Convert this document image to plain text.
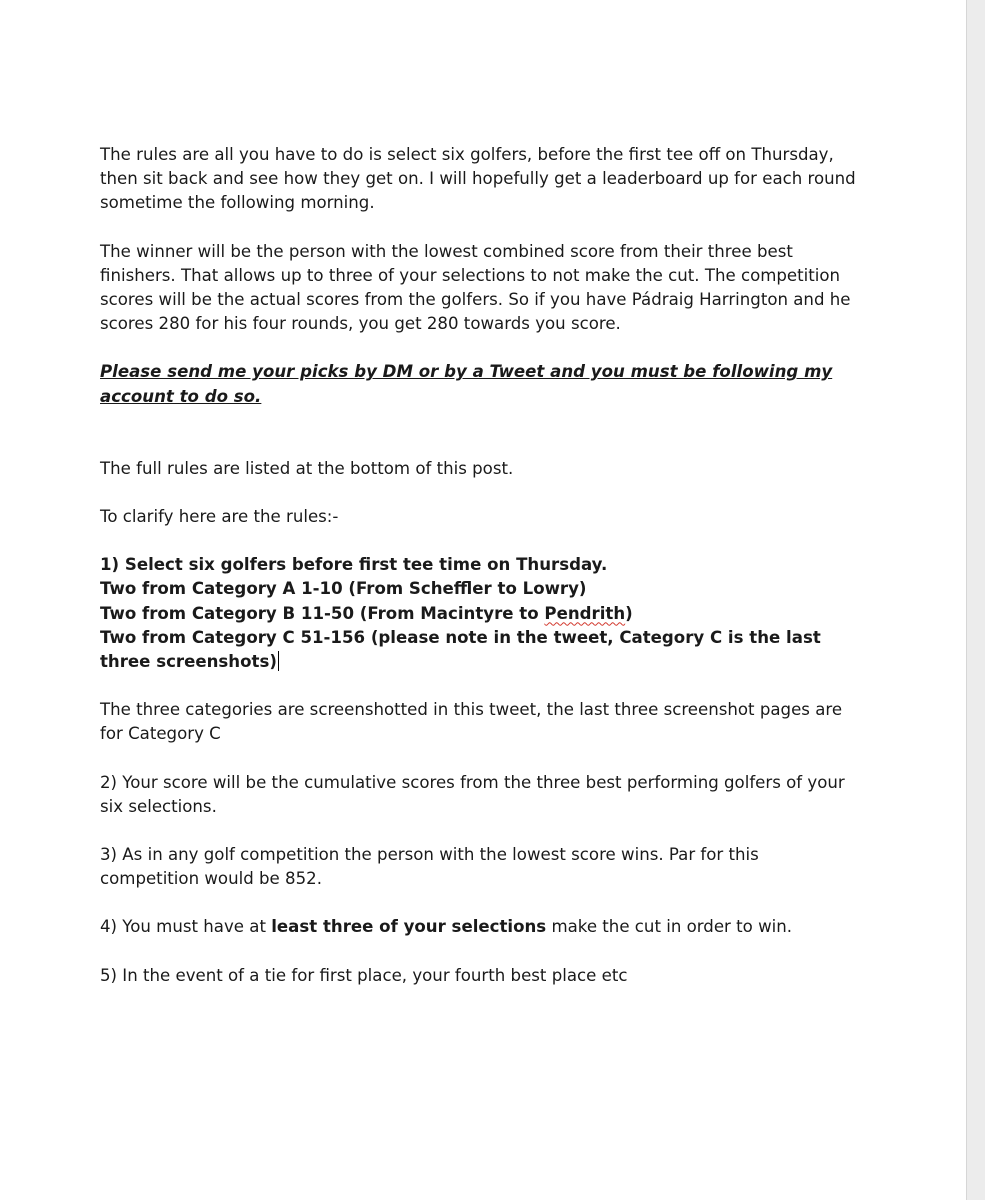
The rules are all you have to do is select six golfers, before the first tee off on Thursday, then sit back and see how they get on. I will hopefully get a leaderboard up for each round sometime the following morning.

The winner will be the person with the lowest combined score from their three best finishers. That allows up to three of your selections to not make the cut. The competition scores will be the actual scores from the golfers. So if you have Pádraig Harrington and he scores 280 for his four rounds, you get 280 towards you score.

Please send me your picks by DM or by a Tweet and you must be following my account to do so.

The full rules are listed at the bottom of this post.

To clarify here are the rules:-

1) Select six golfers before first tee time on Thursday.

Two from Category A 1-10 (From Scheffler to Lowry)

Two from Category B 11-50 (From Macintyre to Pendrith)

Two from Category C 51-156 (please note in the tweet, Category C is the last three screenshots)

The three categories are screenshotted in this tweet, the last three screenshot pages are for Category C

2) Your score will be the cumulative scores from the three best performing golfers of your six selections.

3) As in any golf competition the person with the lowest score wins. Par for this competition would be 852.

4) You must have at least three of your selections make the cut in order to win.

5) In the event of a tie for first place, your fourth best place etc
